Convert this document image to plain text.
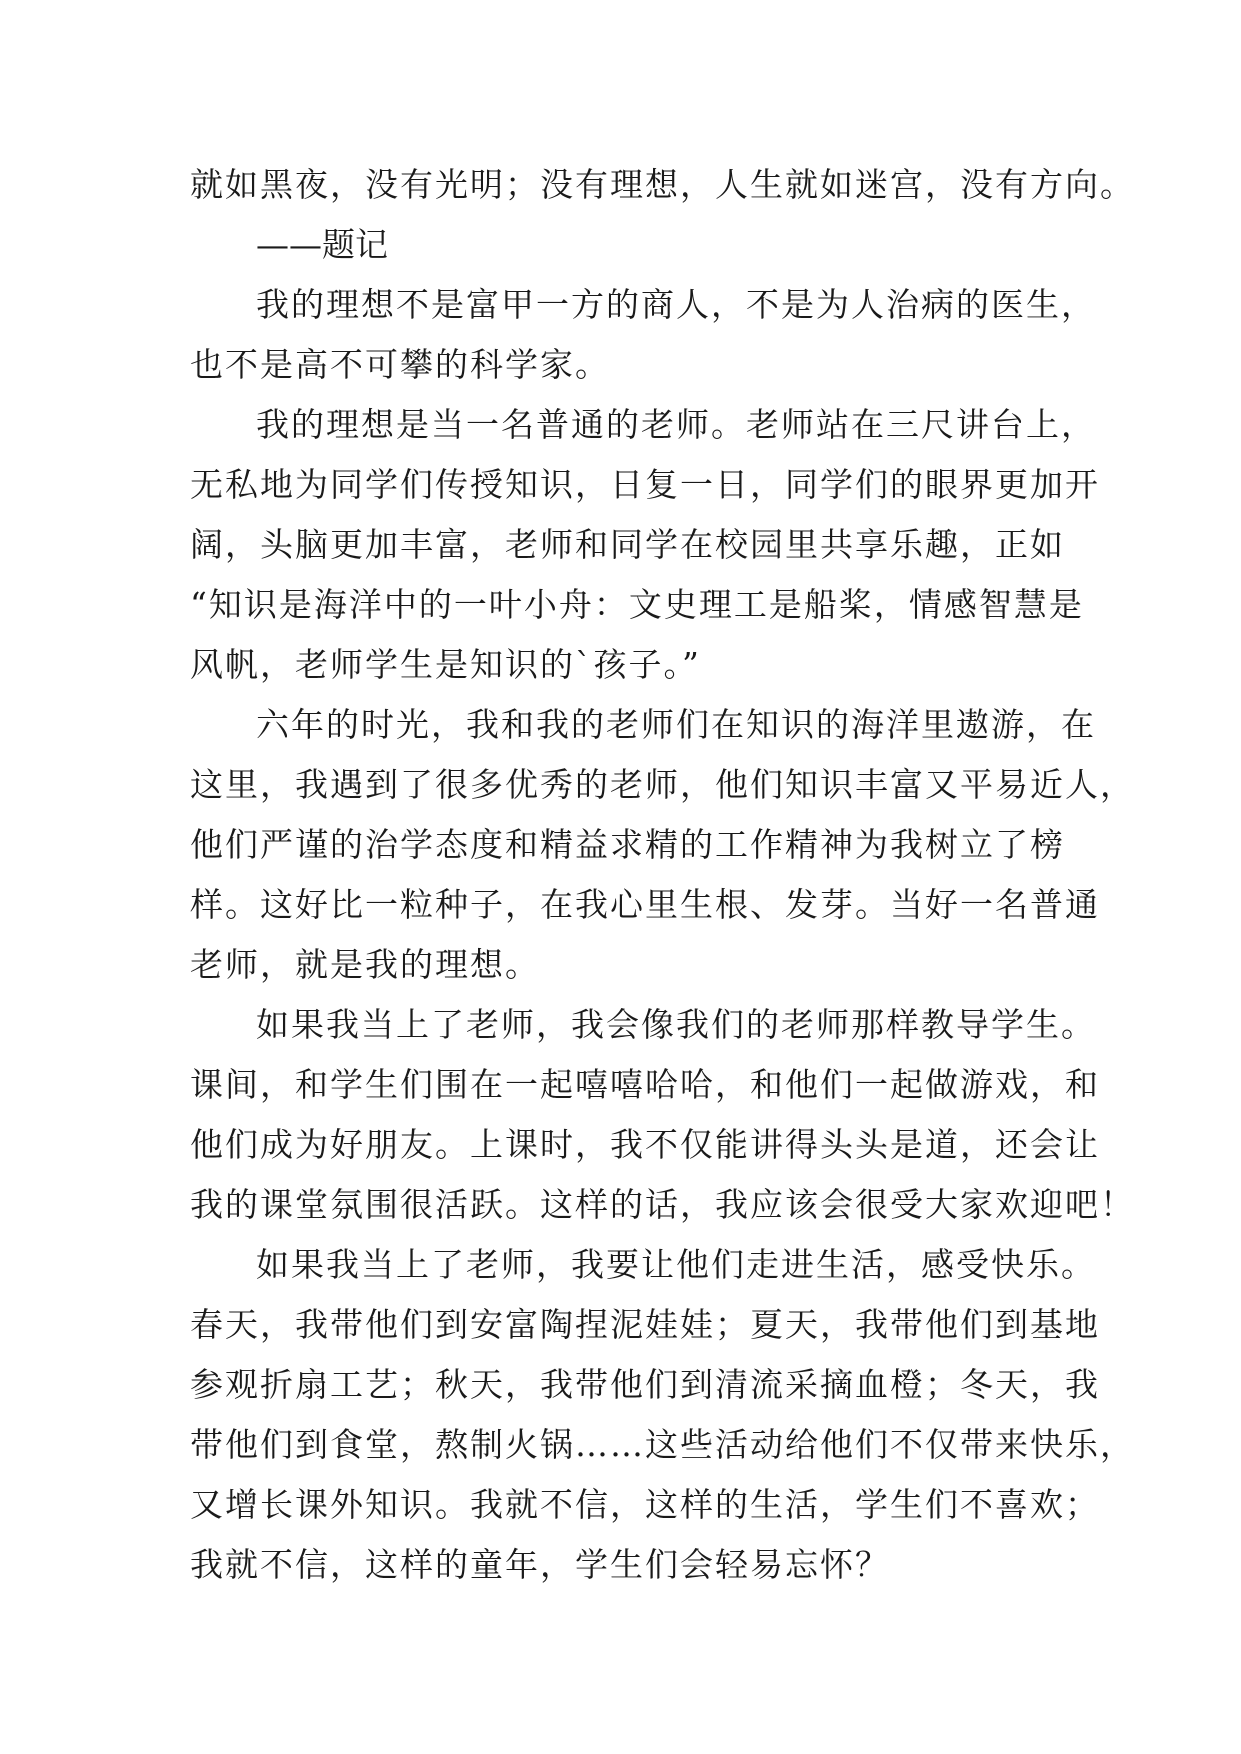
就如黑夜，没有光明；没有理想，人生就如迷宫，没有方向。
——题记
我的理想不是富甲一方的商人，不是为人治病的医生，
也不是高不可攀的科学家。
我的理想是当一名普通的老师。老师站在三尺讲台上，
无私地为同学们传授知识，日复一日，同学们的眼界更加开
阔，头脑更加丰富，老师和同学在校园里共享乐趣，正如
“知识是海洋中的一叶小舟：文史理工是船桨，情感智慧是
风帆，老师学生是知识的`孩子。”
六年的时光，我和我的老师们在知识的海洋里遨游，在
这里，我遇到了很多优秀的老师，他们知识丰富又平易近人，
他们严谨的治学态度和精益求精的工作精神为我树立了榜
样。这好比一粒种子，在我心里生根、发芽。当好一名普通
老师，就是我的理想。
如果我当上了老师，我会像我们的老师那样教导学生。
课间，和学生们围在一起嘻嘻哈哈，和他们一起做游戏，和
他们成为好朋友。上课时，我不仅能讲得头头是道，还会让
我的课堂氛围很活跃。这样的话，我应该会很受大家欢迎吧！
如果我当上了老师，我要让他们走进生活，感受快乐。
春天，我带他们到安富陶捏泥娃娃；夏天，我带他们到基地
参观折扇工艺；秋天，我带他们到清流采摘血橙；冬天，我
带他们到食堂，熬制火锅……这些活动给他们不仅带来快乐，
又增长课外知识。我就不信，这样的生活，学生们不喜欢；
我就不信，这样的童年，学生们会轻易忘怀？
